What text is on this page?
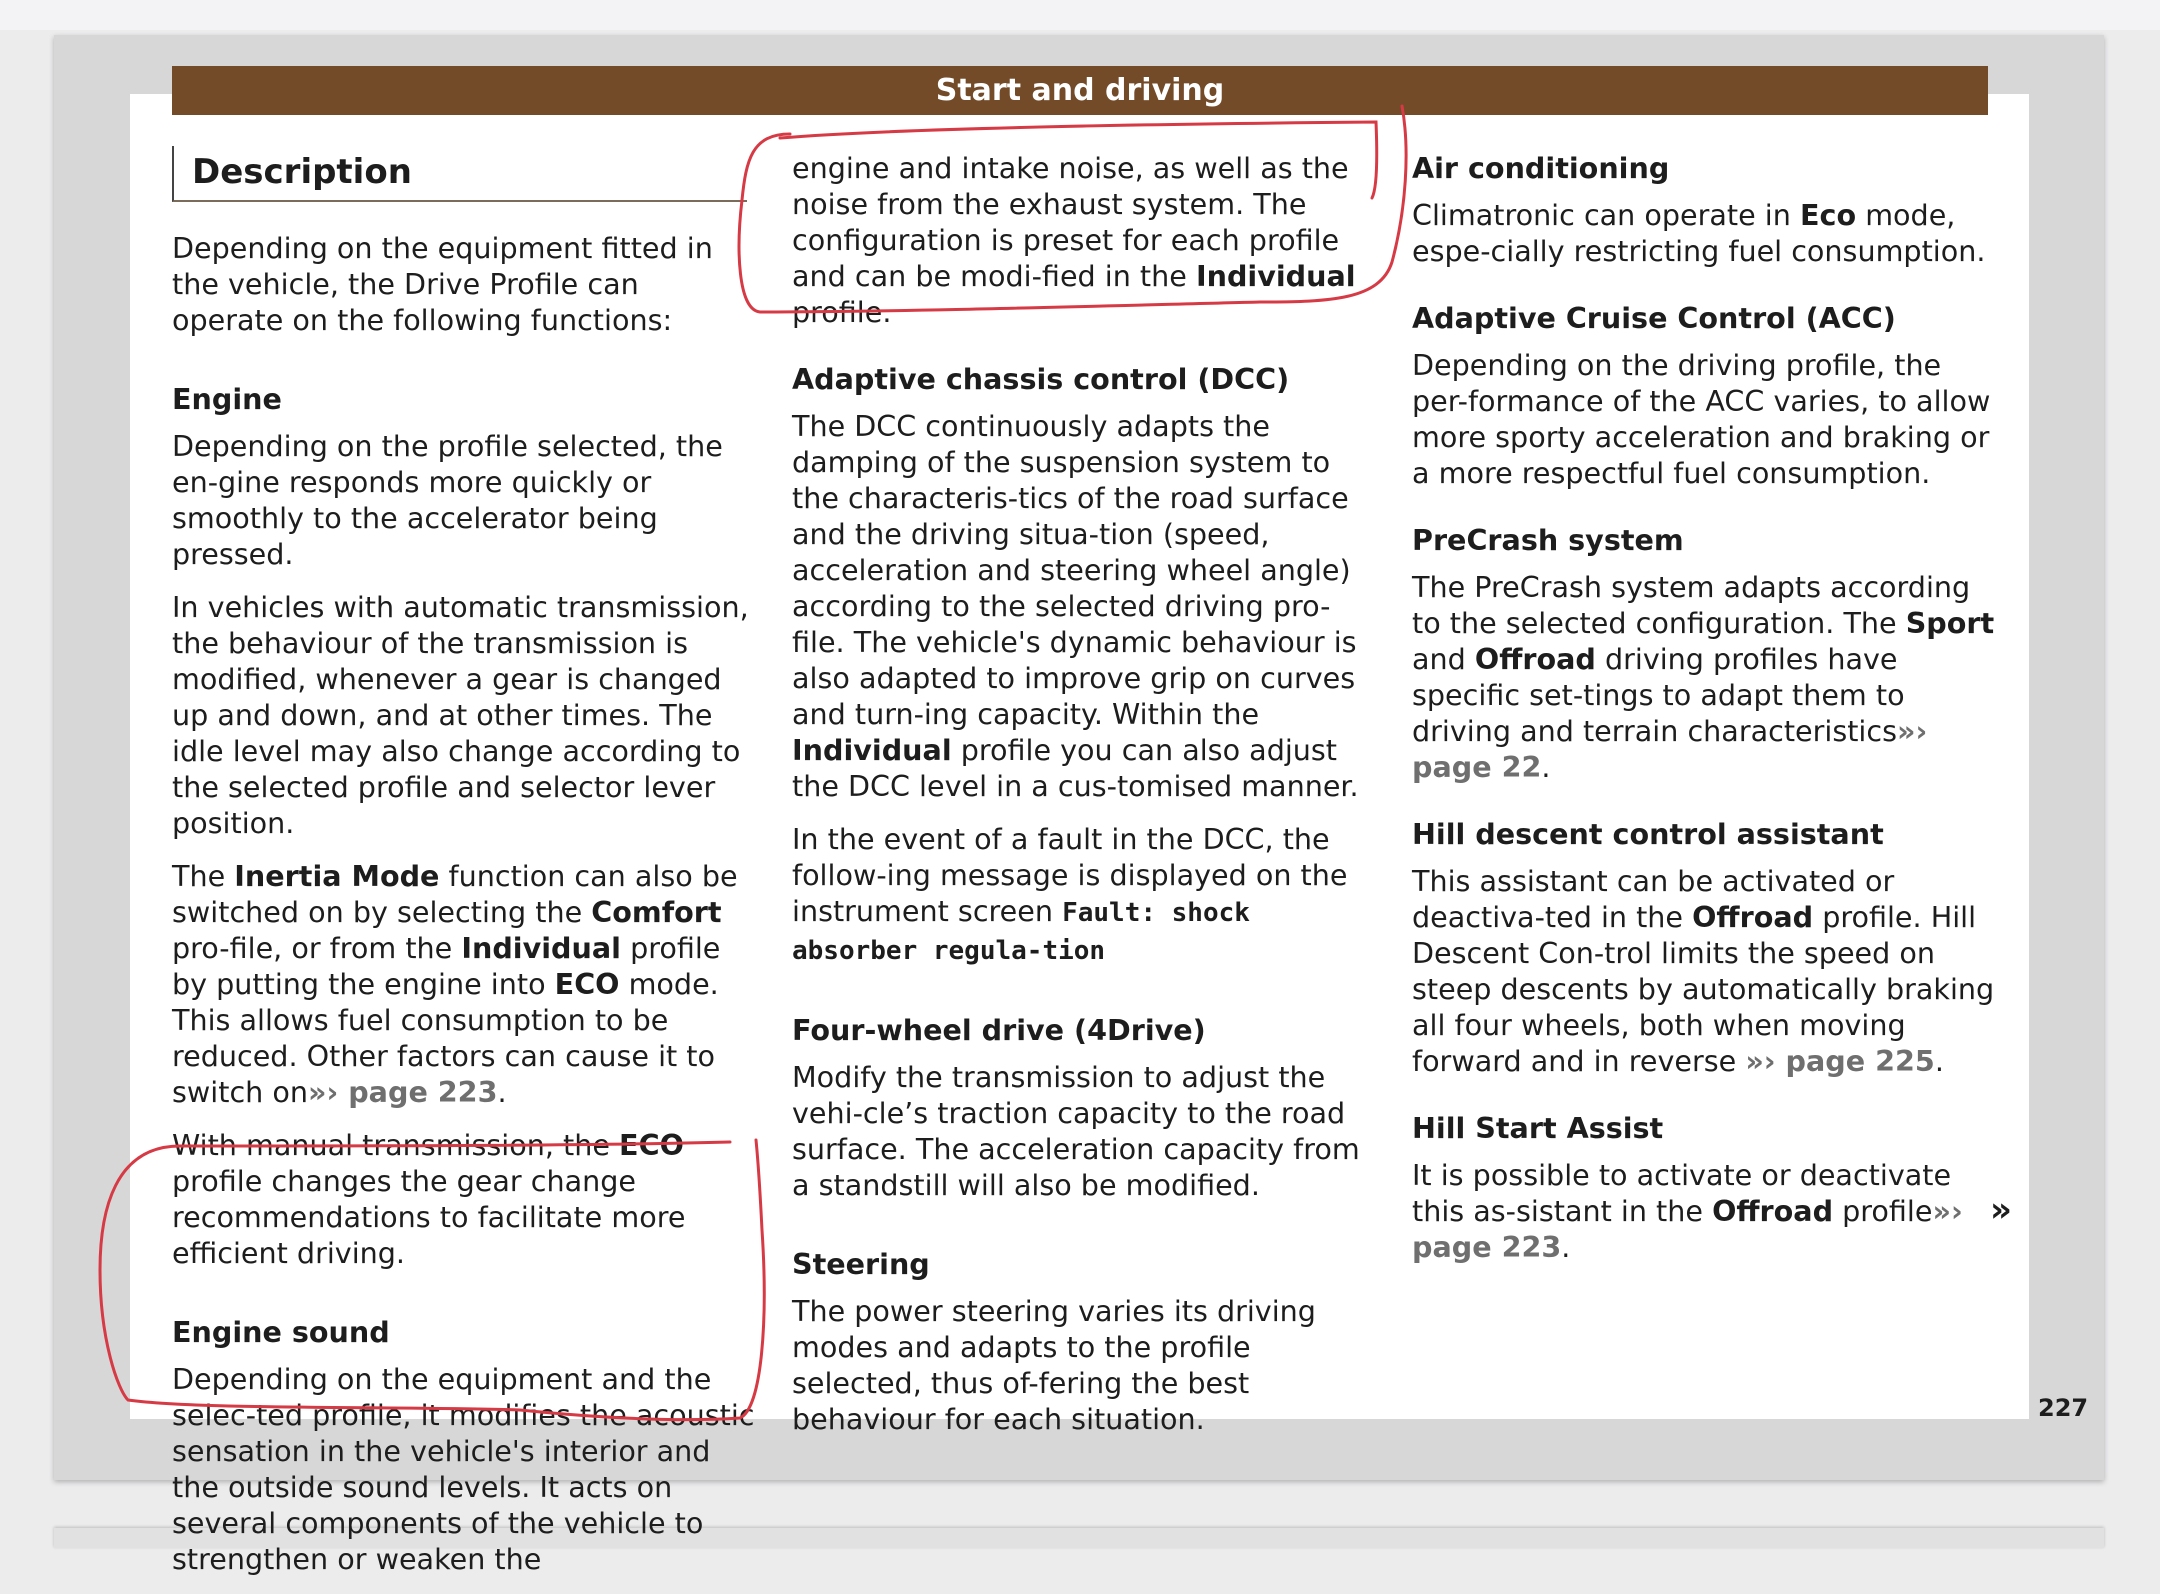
Start and driving
Description

Depending on the equipment fitted in the vehicle, the Drive Profile can operate on the following functions:

Engine

Depending on the profile selected, the en-gine responds more quickly or smoothly to the accelerator being pressed.

In vehicles with automatic transmission, the behaviour of the transmission is modified, whenever a gear is changed up and down, and at other times. The idle level may also change according to the selected profile and selector lever position.

The Inertia Mode function can also be switched on by selecting the Comfort pro-file, or from the Individual profile by putting the engine into ECO mode. This allows fuel consumption to be reduced. Other factors can cause it to switch on»› page 223.

With manual transmission, the ECO profile changes the gear change recommendations to facilitate more efficient driving.

Engine sound

Depending on the equipment and the selec-ted profile, it modifies the acoustic sensation in the vehicle's interior and the outside sound levels. It acts on several components of the vehicle to strengthen or weaken the

engine and intake noise, as well as the noise from the exhaust system. The configuration is preset for each profile and can be modi-fied in the Individual profile.

Adaptive chassis control (DCC)

The DCC continuously adapts the damping of the suspension system to the characteris-tics of the road surface and the driving situa-tion (speed, acceleration and steering wheel angle) according to the selected driving pro-file. The vehicle's dynamic behaviour is also adapted to improve grip on curves and turn-ing capacity. Within the Individual profile you can also adjust the DCC level in a cus-tomised manner.

In the event of a fault in the DCC, the follow-ing message is displayed on the instrument screen Fault: shock absorber regula-tion

Four-wheel drive (4Drive)

Modify the transmission to adjust the vehi-cle’s traction capacity to the road surface. The acceleration capacity from a standstill will also be modified.

Steering

The power steering varies its driving modes and adapts to the profile selected, thus of-fering the best behaviour for each situation.

Air conditioning

Climatronic can operate in Eco mode, espe-cially restricting fuel consumption.

Adaptive Cruise Control (ACC)

Depending on the driving profile, the per-formance of the ACC varies, to allow more sporty acceleration and braking or a more respectful fuel consumption.

PreCrash system

The PreCrash system adapts according to the selected configuration. The Sport and Offroad driving profiles have specific set-tings to adapt them to driving and terrain characteristics»› page 22.

Hill descent control assistant

This assistant can be activated or deactiva-ted in the Offroad profile. Hill Descent Con-trol limits the speed on steep descents by automatically braking all four wheels, both when moving forward and in reverse »› page 225.

Hill Start Assist

It is possible to activate or deactivate this as-sistant in the Offroad profile»› page 223.

»
227
